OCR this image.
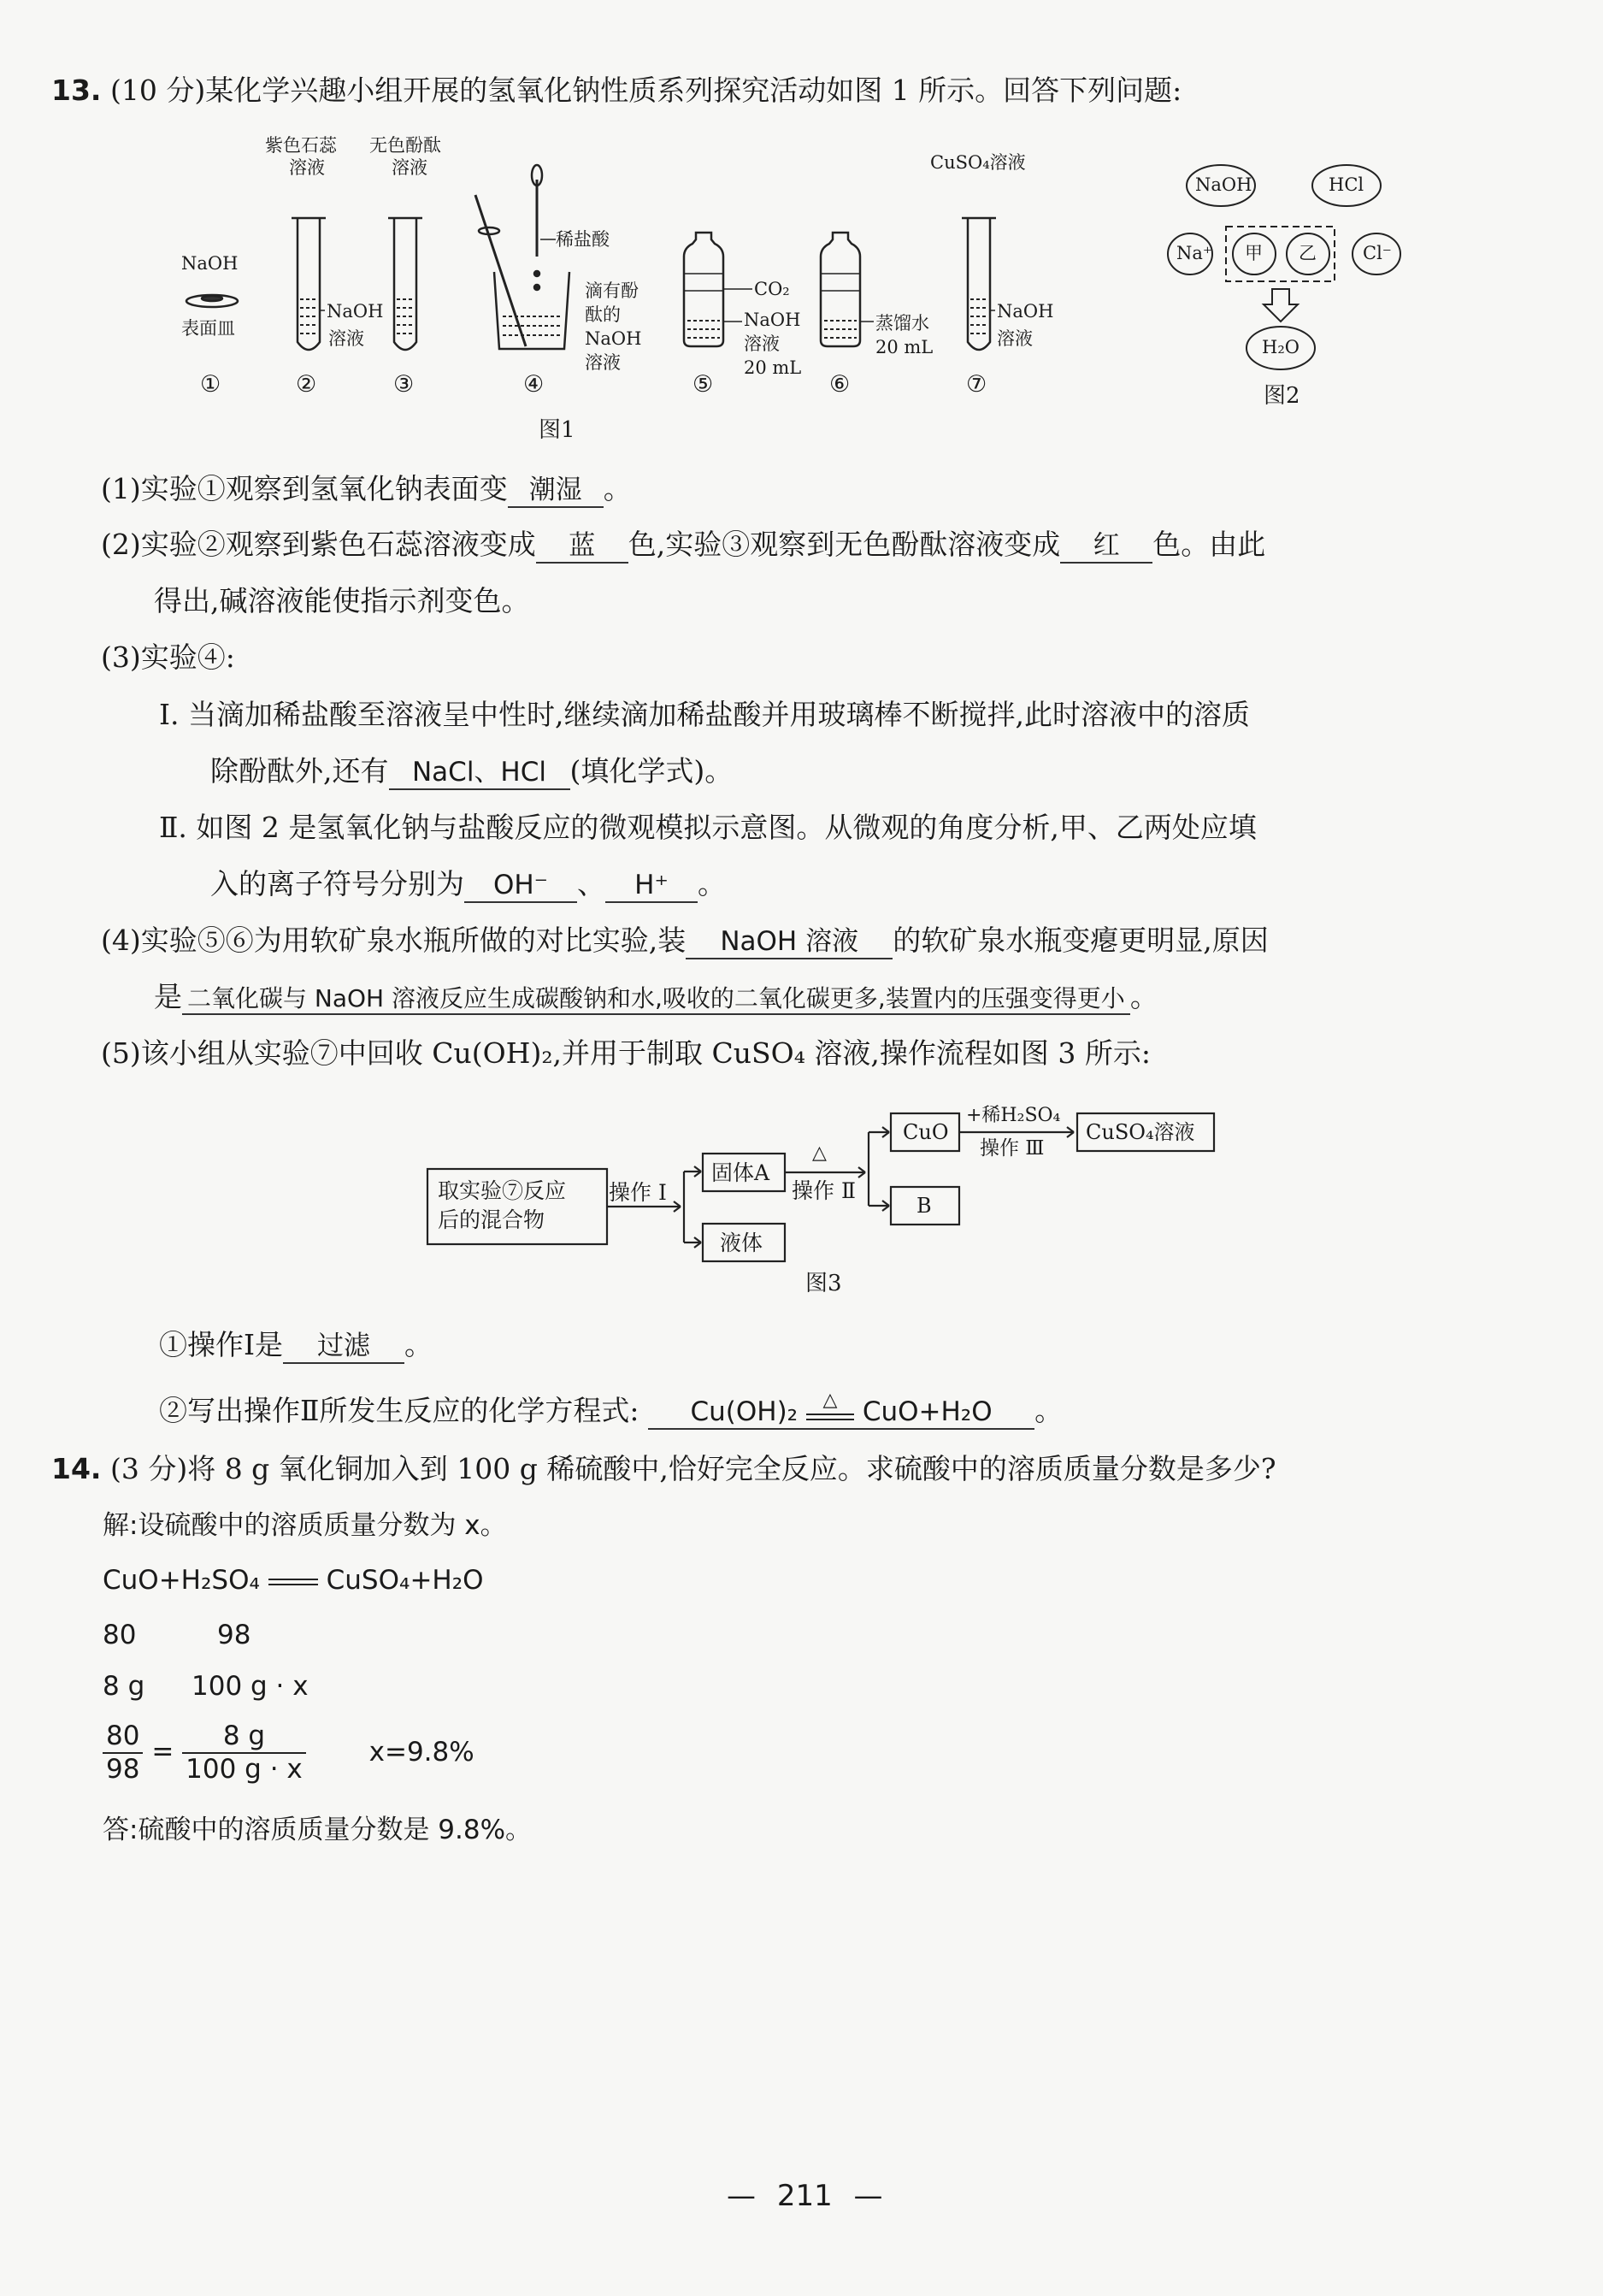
13. (10 分)某化学兴趣小组开展的氢氧化钠性质系列探究活动如图 1 所示。回答下列问题:
NaOH
表面皿
紫色石蕊
溶液
无色酚酞
溶液
NaOH
溶液
稀盐酸
滴有酚
酞的
NaOH
溶液
CO₂
NaOH
溶液
20 mL
蒸馏水
20 mL
CuSO₄溶液
NaOH
溶液
①	②	③	④	⑤	⑥	⑦
图1
NaOH	HCl
Na⁺ 甲 乙	Cl⁻
H₂O
图2
(1)实验①观察到氢氧化钠表面变 潮湿 。
(2)实验②观察到紫色石蕊溶液变成 蓝 色,实验③观察到无色酚酞溶液变成 红 色。由此
得出,碱溶液能使指示剂变色。
(3)实验④:
Ⅰ. 当滴加稀盐酸至溶液呈中性时,继续滴加稀盐酸并用玻璃棒不断搅拌,此时溶液中的溶质
除酚酞外,还有 NaCl、HCl (填化学式)。
Ⅱ. 如图 2 是氢氧化钠与盐酸反应的微观模拟示意图。从微观的角度分析,甲、乙两处应填
入的离子符号分别为 OH⁻ 、 H⁺ 。
(4)实验⑤⑥为用软矿泉水瓶所做的对比实验,装 NaOH 溶液 的软矿泉水瓶变瘪更明显,原因
是 二氧化碳与 NaOH 溶液反应生成碳酸钠和水,吸收的二氧化碳更多,装置内的压强变得更小 。
(5)该小组从实验⑦中回收 Cu(OH)₂,并用于制取 CuSO₄ 溶液,操作流程如图 3 所示:
取实验⑦反应
后的混合物
操作 Ⅰ
固体A
液体
△
操作 Ⅱ
CuO
B
+稀H₂SO₄
操作 Ⅲ
CuSO₄溶液
图3
①操作Ⅰ是 过滤 。
②写出操作Ⅱ所发生反应的化学方程式: Cu(OH)₂	△ CuO+H₂O 。
14. (3 分)将 8 g 氧化铜加入到 100 g 稀硫酸中,恰好完全反应。求硫酸中的溶质质量分数是多少?
解:设硫酸中的溶质质量分数为 x。
CuO+H₂SO₄	CuSO₄+H₂O
80	98
8 g 100 g · x
$\frac{80}{98} = \frac{8 g}{100 g \cdot x} x=9.8\%$
答:硫酸中的溶质质量分数是 9.8%。
— 211 —
